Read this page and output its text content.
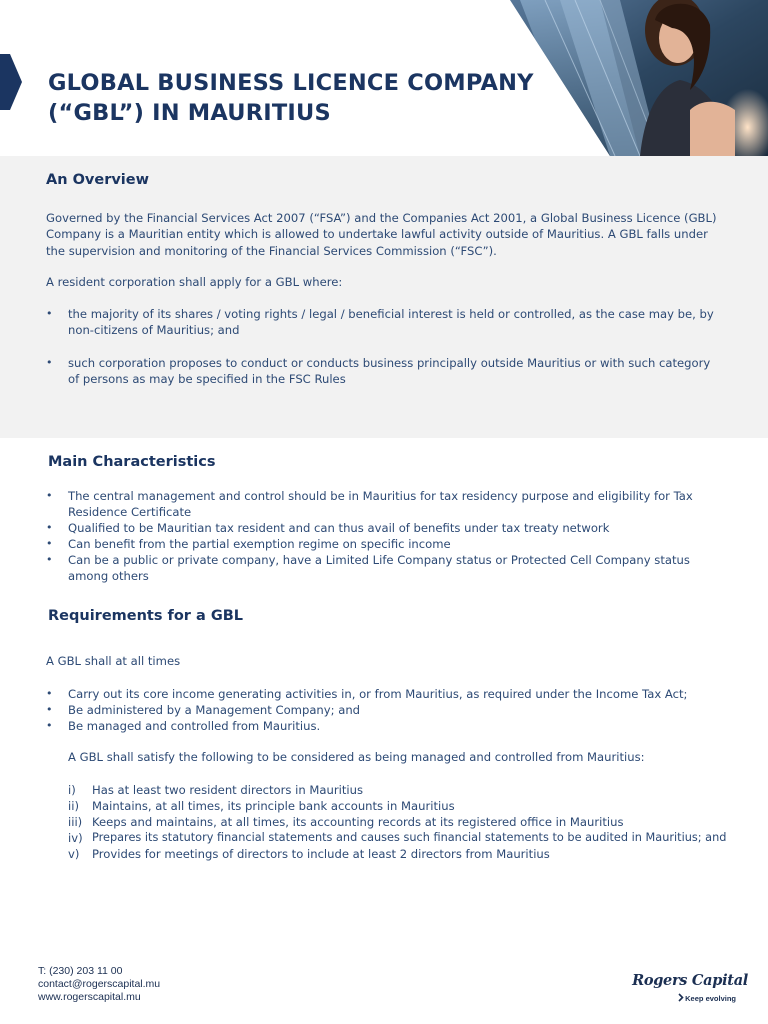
GLOBAL BUSINESS LICENCE COMPANY
(“GBL”) IN MAURITIUS
An Overview
Governed by the Financial Services Act 2007 (“FSA”) and the Companies Act 2001, a Global Business Licence (GBL)
Company is a Mauritian entity which is allowed to undertake lawful activity outside of Mauritius. A GBL falls under
the supervision and monitoring of the Financial Services Commission (“FSC”).
A resident corporation shall apply for a GBL where:
•	the majority of its shares / voting rights / legal / beneficial interest is held or controlled, as the case may be, by
non-citizens of Mauritius; and
•	such corporation proposes to conduct or conducts business principally outside Mauritius or with such category
of persons as may be specified in the FSC Rules
Main Characteristics
•	The central management and control should be in Mauritius for tax residency purpose and eligibility for Tax
Residence Certificate
•	Qualified to be Mauritian tax resident and can thus avail of benefits under tax treaty network
•	Can benefit from the partial exemption regime on specific income
•	Can be a public or private company, have a Limited Life Company status or Protected Cell Company status
among others
Requirements for a GBL
A GBL shall at all times
•	Carry out its core income generating activities in, or from Mauritius, as required under the Income Tax Act;
•	Be administered by a Management Company; and
•	Be managed and controlled from Mauritius.
A GBL shall satisfy the following to be considered as being managed and controlled from Mauritius:
i)	Has at least two resident directors in Mauritius
ii)	Maintains, at all times, its principle bank accounts in Mauritius
iii) Keeps and maintains, at all times, its accounting records at its registered office in Mauritius
iv) Prepares its statutory financial statements and causes such financial statements to be audited in Mauritius; and
v)	Provides for meetings of directors to include at least 2 directors from Mauritius
T: (230) 203 11 00
contact@rogerscapital.mu
www.rogerscapital.mu
Rogers Capital
Keep evolving
